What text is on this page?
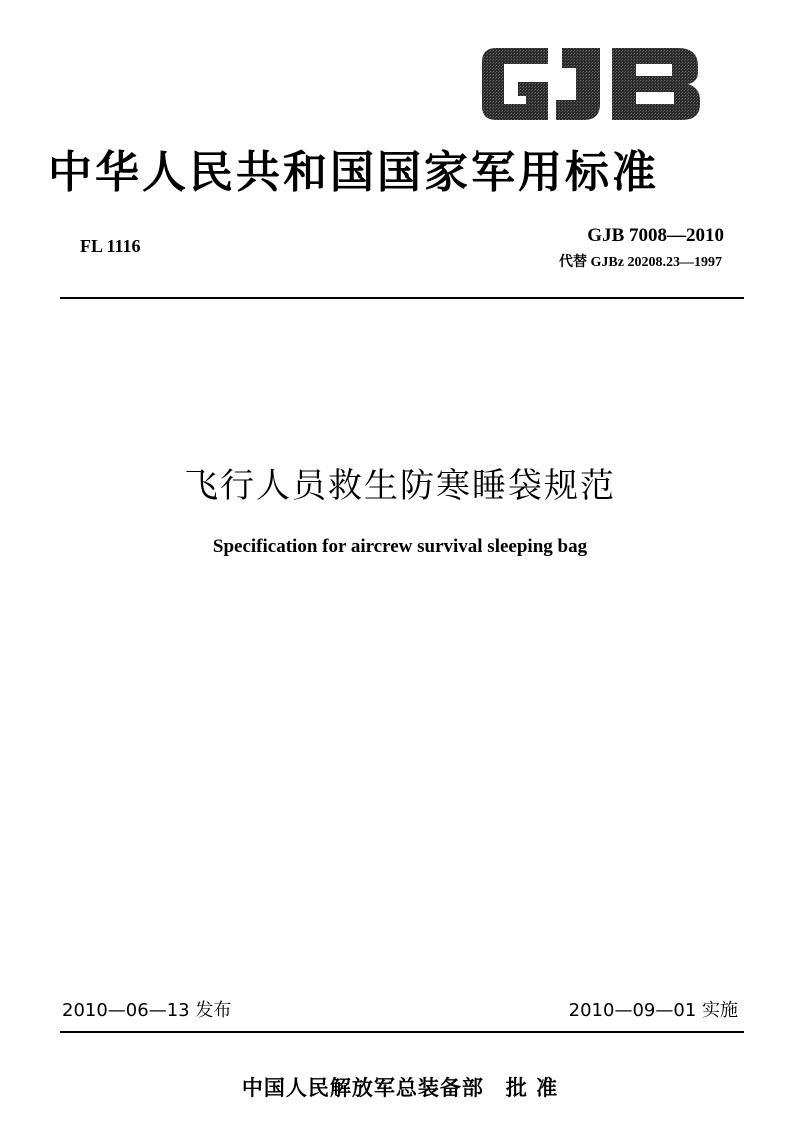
中华人民共和国国家军用标准
FL 1116	GJB 7008—2010
代替 GJBz 20208.23—1997
飞行人员救生防寒睡袋规范
Specification for aircrew survival sleeping bag
2010—06—13 发布	2010—09—01 实施
中国人民解放军总装备部　批 准
